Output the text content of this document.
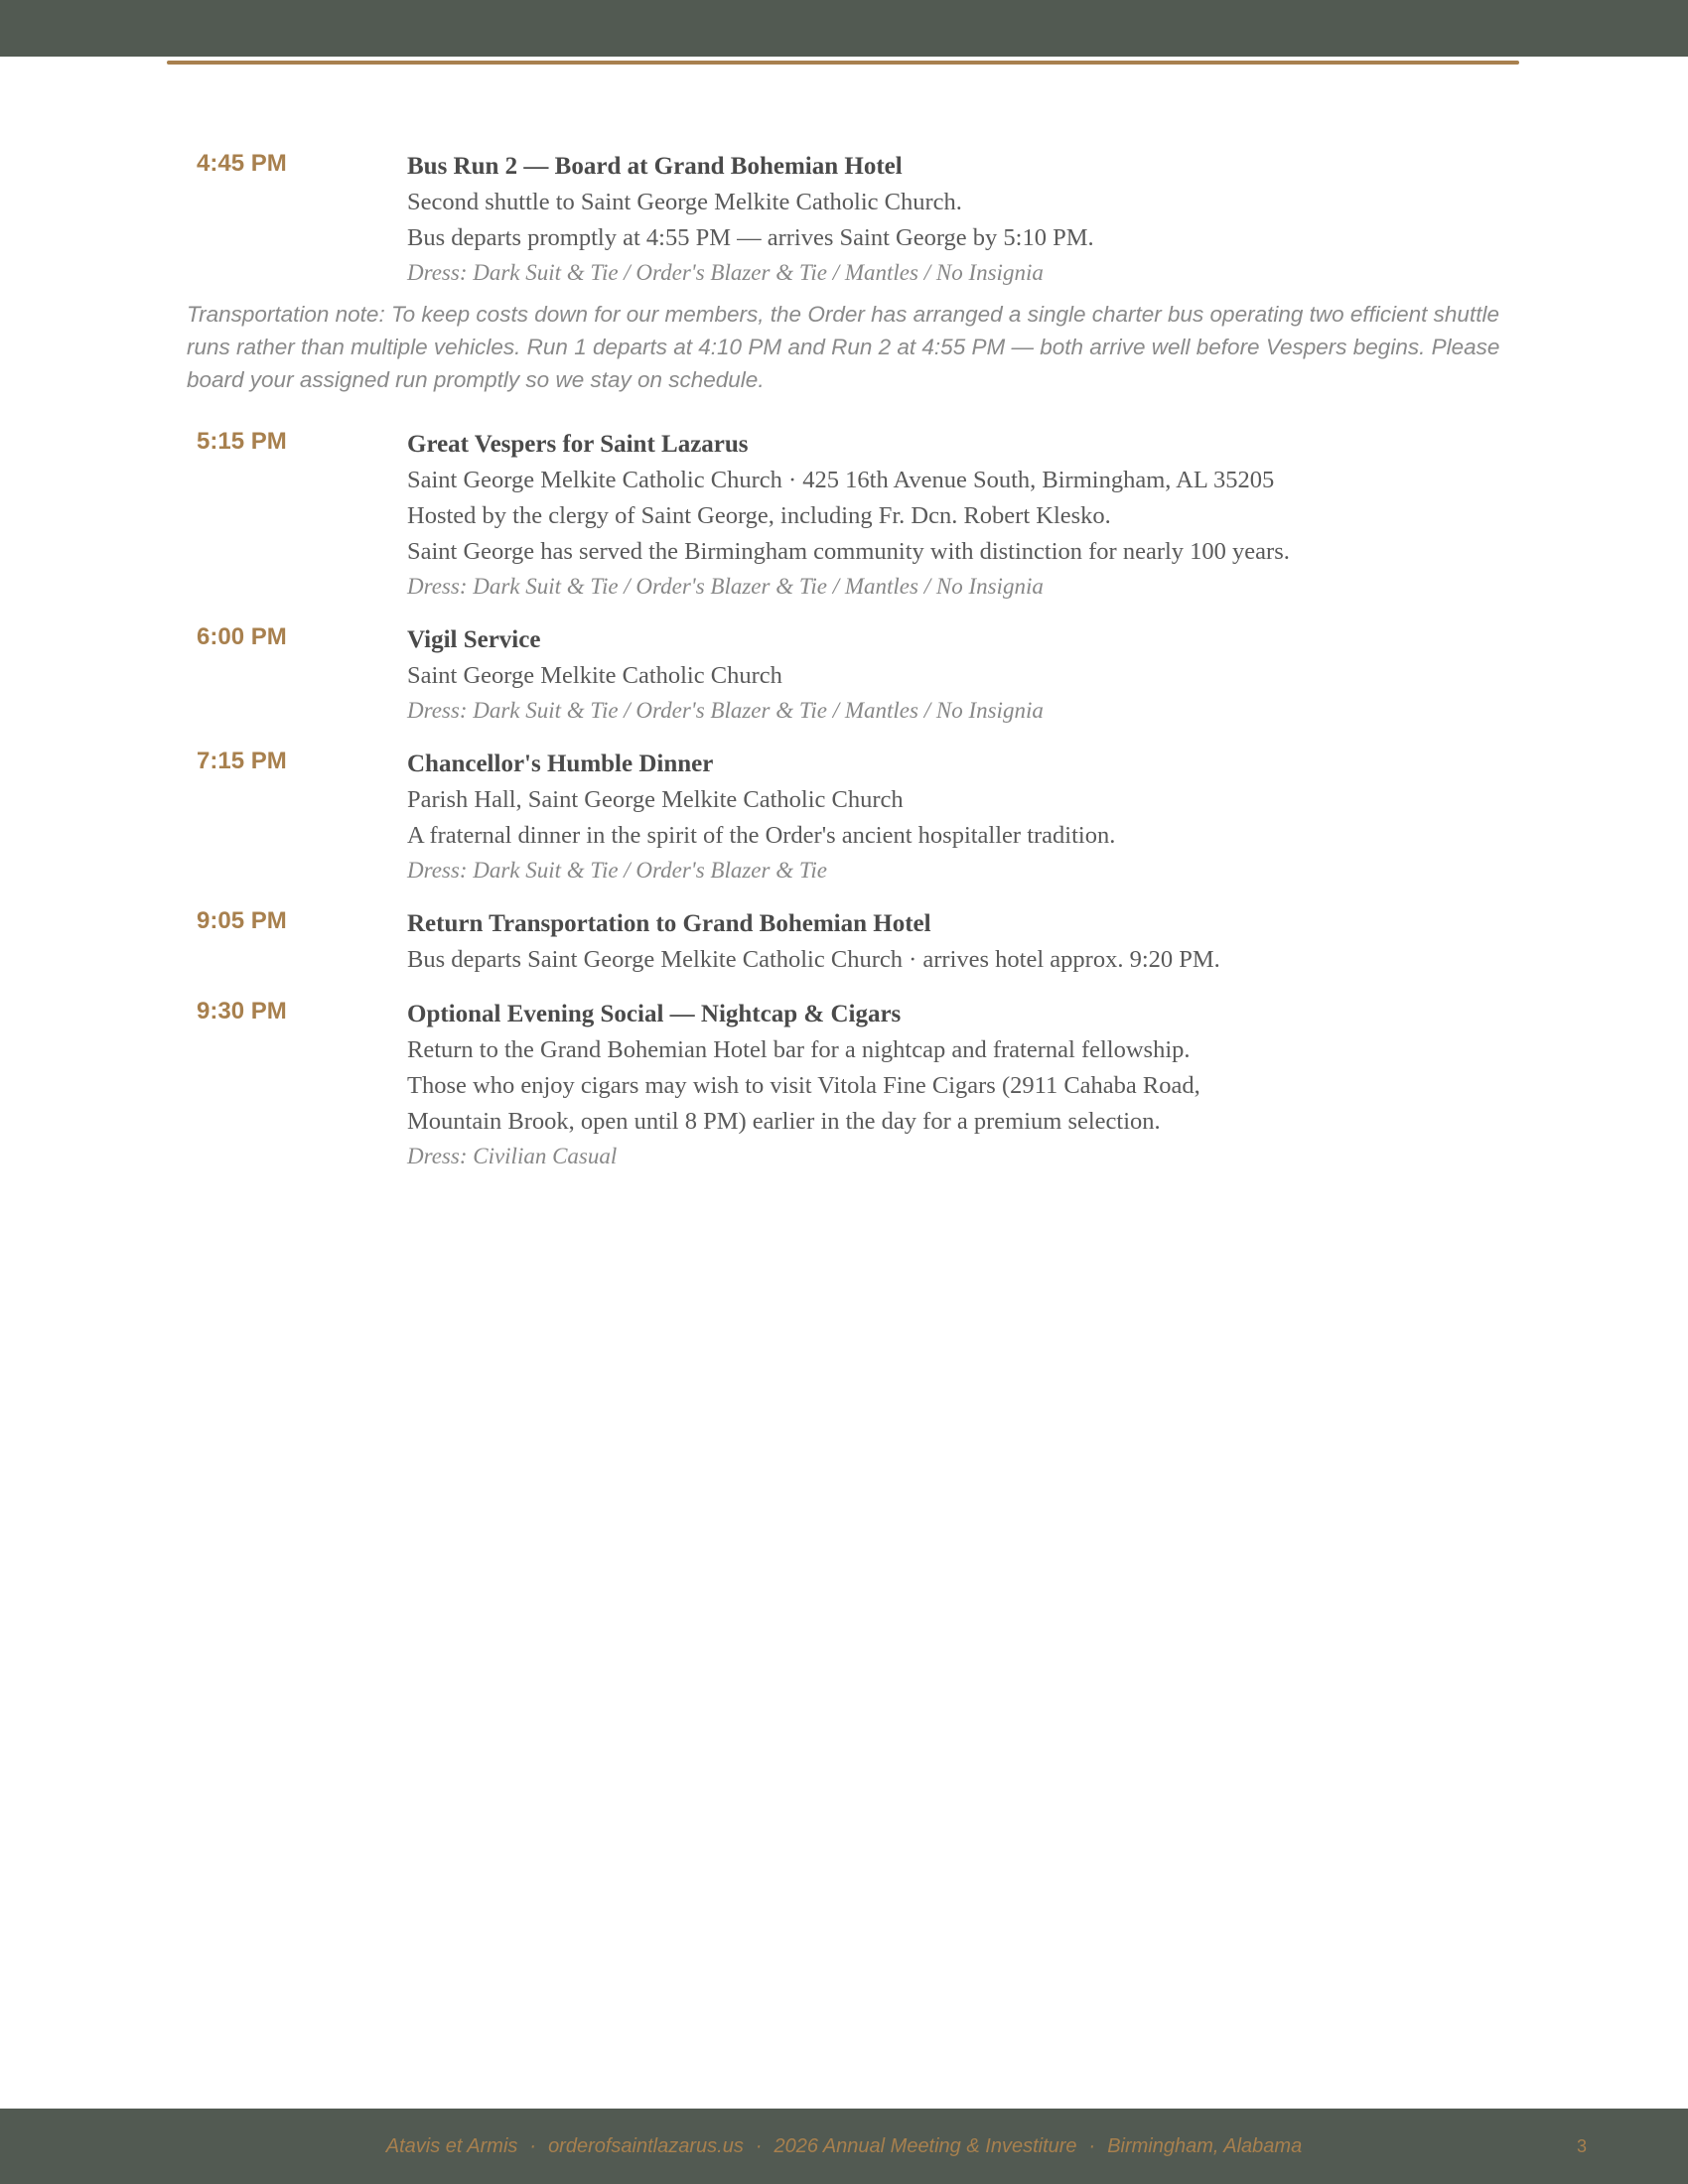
4:45 PM	Bus Run 2 — Board at Grand Bohemian Hotel
Second shuttle to Saint George Melkite Catholic Church.
Bus departs promptly at 4:55 PM — arrives Saint George by 5:10 PM.
Dress: Dark Suit & Tie / Order's Blazer & Tie / Mantles / No Insignia
Transportation note: To keep costs down for our members, the Order has arranged a single charter bus operating two efficient shuttle runs rather than multiple vehicles. Run 1 departs at 4:10 PM and Run 2 at 4:55 PM — both arrive well before Vespers begins. Please board your assigned run promptly so we stay on schedule.
5:15 PM	Great Vespers for Saint Lazarus
Saint George Melkite Catholic Church · 425 16th Avenue South, Birmingham, AL 35205
Hosted by the clergy of Saint George, including Fr. Dcn. Robert Klesko.
Saint George has served the Birmingham community with distinction for nearly 100 years.
Dress: Dark Suit & Tie / Order's Blazer & Tie / Mantles / No Insignia
6:00 PM	Vigil Service
Saint George Melkite Catholic Church
Dress: Dark Suit & Tie / Order's Blazer & Tie / Mantles / No Insignia
7:15 PM	Chancellor's Humble Dinner
Parish Hall, Saint George Melkite Catholic Church
A fraternal dinner in the spirit of the Order's ancient hospitaller tradition.
Dress: Dark Suit & Tie / Order's Blazer & Tie
9:05 PM	Return Transportation to Grand Bohemian Hotel
Bus departs Saint George Melkite Catholic Church · arrives hotel approx. 9:20 PM.
9:30 PM	Optional Evening Social — Nightcap & Cigars
Return to the Grand Bohemian Hotel bar for a nightcap and fraternal fellowship.
Those who enjoy cigars may wish to visit Vitola Fine Cigars (2911 Cahaba Road,
Mountain Brook, open until 8 PM) earlier in the day for a premium selection.
Dress: Civilian Casual
Atavis et Armis · orderofsaintlazarus.us · 2026 Annual Meeting & Investiture · Birmingham, Alabama	3
